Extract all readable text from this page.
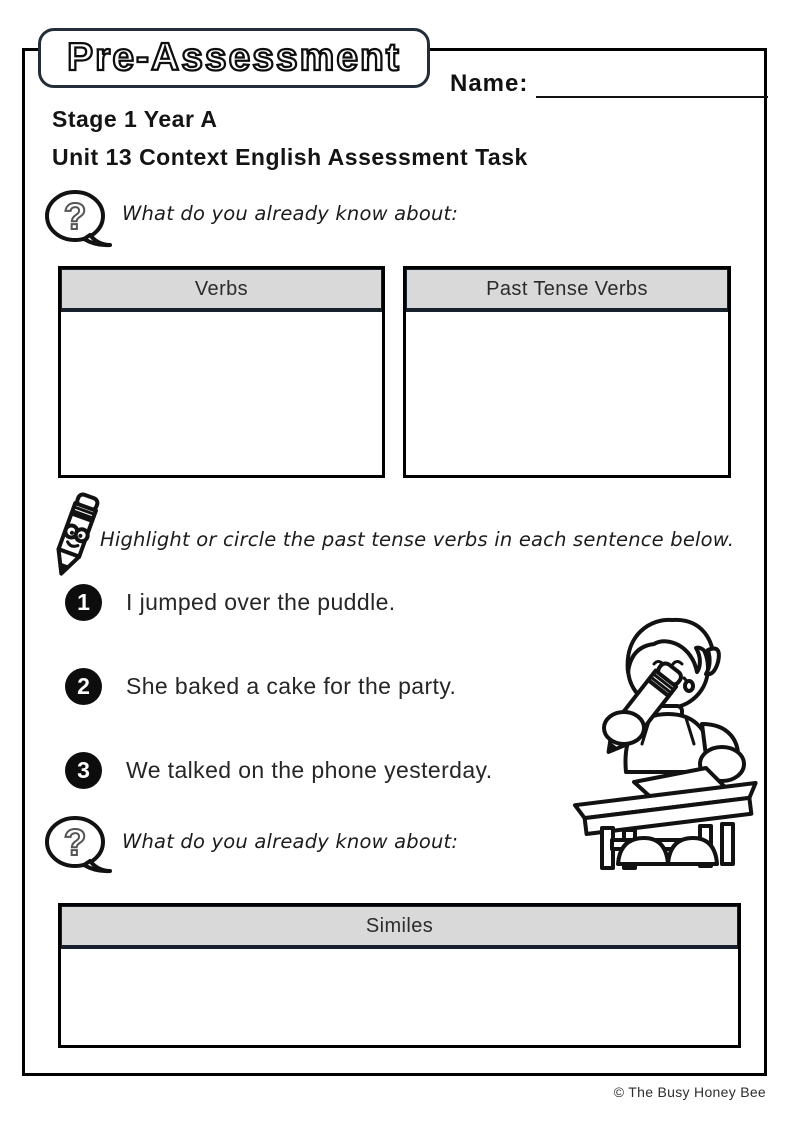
Pre-Assessment
Name:
Stage 1 Year A
Unit 13 Context English Assessment Task
? What do you already know about:
Verbs	Past Tense Verbs
Highlight or circle the past tense verbs in each sentence below.
1	I jumped over the puddle.
2	She baked a cake for the party.
3	We talked on the phone yesterday.
? What do you already know about:
Similes
© The Busy Honey Bee
